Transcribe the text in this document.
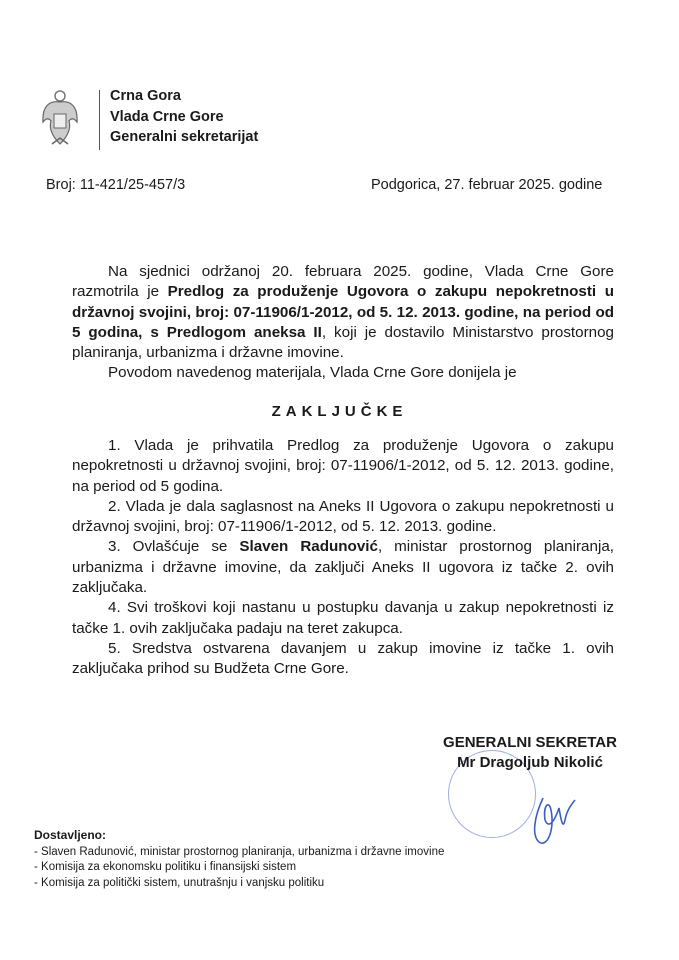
Crna Gora
Vlada Crne Gore
Generalni sekretarijat
Broj: 11-421/25-457/3	Podgorica, 27. februar 2025. godine

Na sjednici održanoj 20. februara 2025. godine, Vlada Crne Gore razmotrila je Predlog za produženje Ugovora o zakupu nepokretnosti u državnoj svojini, broj: 07-11906/1-2012, od 5. 12. 2013. godine, na period od 5 godina, s Predlogom aneksa II, koji je dostavilo Ministarstvo prostornog planiranja, urbanizma i državne imovine.

Povodom navedenog materijala, Vlada Crne Gore donijela je

ZAKLJUČKE

1. Vlada je prihvatila Predlog za produženje Ugovora o zakupu nepokretnosti u državnoj svojini, broj: 07-11906/1-2012, od 5. 12. 2013. godine, na period od 5 godina.

2. Vlada je dala saglasnost na Aneks II Ugovora o zakupu nepokretnosti u državnoj svojini, broj: 07-11906/1-2012, od 5. 12. 2013. godine.

3. Ovlašćuje se Slaven Radunović, ministar prostornog planiranja, urbanizma i državne imovine, da zaključi Aneks II ugovora iz tačke 2. ovih zaključaka.

4. Svi troškovi koji nastanu u postupku davanja u zakup nepokretnosti iz tačke 1. ovih zaključaka padaju na teret zakupca.

5. Sredstva ostvarena davanjem u zakup imovine iz tačke 1. ovih zaključaka prihod su Budžeta Crne Gore.

GENERALNI SEKRETAR
Mr Dragoljub Nikolić
Dostavljeno:
- Slaven Radunović, ministar prostornog planiranja, urbanizma i državne imovine
- Komisija za ekonomsku politiku i finansijski sistem
- Komisija za politički sistem, unutrašnju i vanjsku politiku
